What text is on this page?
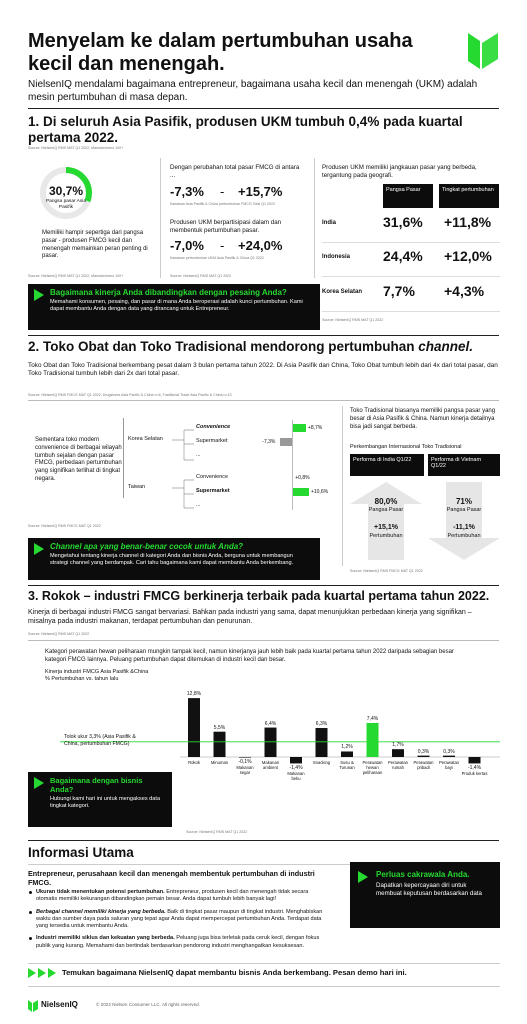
Menyelam ke dalam pertumbuhan usaha kecil dan menengah.
NielsenIQ mendalami bagaimana entrepreneur, bagaimana usaha kecil dan menengah (UKM) adalah mesin pertumbuhan di masa depan.
1. Di seluruh Asia Pasifik, produsen UKM tumbuh 0,4% pada kuartal pertama 2022.
Source: NielsenIQ RMS MAT Q1 2022, Manufacturers 100+
30,7%
Pangsa pasar Asia Pasifik
Memiliki hampir sepertiga dari pangsa pasar - produsen FMCG kecil dan menengah memainkan peran penting di pasar.
Source: NielsenIQ RMS MAT Q1 2022, Manufacturers 100+
Dengan perubahan total pasar FMCG di antara ...
-7,3% - +15,7%
Kawasan Asia Pasifik & China pertumbuhan FMCG Total Q1 2022
Produsen UKM berpartisipasi dalam dan membentuk pertumbuhan pasar.
-7,0% - +24,0%
Kawasan pertumbuhan UKM Asia Pasifik & China Q1 2022
Source: NielsenIQ RMS MAT Q1 2022
Produsen UKM memiliki jangkauan pasar yang berbeda, tergantung pada geografi.
Pangsa Pasar	Tingkat pertumbuhan
India	31,6% +11,8%
Indonesia	24,4% +12,0%
Korea Selatan	7,7% +4,3%
Source: NielsenIQ RMS MAT Q1 2022
Bagaimana kinerja Anda dibandingkan dengan pesaing Anda?
Memahami konsumen, pesaing, dan pasar di mana Anda beroperasi adalah kunci pertumbuhan. Kami dapat membantu Anda dengan data yang dirancang untuk Entrepreneur.
2. Toko Obat dan Toko Tradisional mendorong pertumbuhan channel.
Toko Obat dan Toko Tradisional berkembang pesat dalam 3 bulan pertama tahun 2022. Di Asia Pasifik dan China, Toko Obat tumbuh lebih dari 4x dari total pasar, dan Toko Tradisional tumbuh lebih dari 2x dari total pasar.
Source: NielsenIQ RMS FMCG MAT Q1 2022, Drugstores Asia Pacific & China n=6, Traditional Trade Asia Pacific & China n=10
Sementara toko modern convenience di berbagai wilayah tumbuh sejalan dengan pasar FMCG, perbedaan pertumbuhan yang signifikan terlihat di tingkat negara.
Korea Selatan
Taiwan
Convenience	+8,7%
Supermarket	-7,3%
...
Convenience	+0,8%
Supermarket	+10,6%
...
Source: NielsenIQ RMS FMCG MAT Q1 2022
Toko Tradisional biasanya memiliki pangsa pasar yang besar di Asia Pasifik & China. Namun kinerja detailnya bisa jadi sangat berbeda.
Perkembangan Internasional Toko Tradisional
Performa di India Q1/22	Performa di Vietnam Q1/22
80,0%
Pangsa Pasar
+15,1%
Pertumbuhan
71%
Pangsa Pasar
-11,1%
Pertumbuhan
Source: NielsenIQ RMS FMCG MAT Q1 2022
Channel apa yang benar-benar cocok untuk Anda?
Mengetahui tentang kinerja channel di kategori Anda dan bisnis Anda, berguna untuk membangun strategi channel yang berdampak. Cari tahu bagaimana kami dapat membantu Anda berkembang.
3. Rokok – industri FMCG berkinerja terbaik pada kuartal pertama tahun 2022.
Kinerja di berbagai industri FMCG sangat bervariasi. Bahkan pada industri yang sama, dapat menunjukkan perbedaan kinerja yang signifikan – misalnya pada industri makanan, terdapat pertumbuhan dan penurunan.
Source: NielsenIQ RMS MAT Q1 2022
Kategori perawatan hewan peliharaan mungkin tampak kecil, namun kinerjanya jauh lebih baik pada kuartal pertama tahun 2022 daripada sebagian besar kategori FMCG lainnya. Peluang pertumbuhan dapat ditemukan di industri kecil dan besar.
Kinerja industri FMCG Asia Pasifik &China
% Pertumbuhan vs. tahun lalu
12,8%
Rokok
5,5%
Minuman	-0,1%
Makanan segar
6,4%
Makanan ambient	-1,4%
Makanan beku
6,3%
Snacking
1,2%
Susu & Turunan
7,4%
Perawatan hewan peliharaan
1,7%
Perawatan rumah
0,3%
Perawatan pribadi
0,3%
Perawatan bayi	-1,4%
Produk kertas
Tolok ukur 3,3% (Asia Pasifik & China, pertumbuhan FMCG)
Bagaimana dengan bisnis Anda?
Hubungi kami hari ini untuk mengakses data tingkat kategori.
Source: NielsenIQ RMS MAT Q1 2022
Informasi Utama
Entrepreneur, perusahaan kecil dan menengah membentuk pertumbuhan di industri FMCG.
Ukuran tidak menentukan potensi pertumbuhan. Entrepreneur, produsen kecil dan menengah tidak secara otomatis memiliki kekurangan dibandingkan pemain besar. Anda dapat tumbuh lebih banyak lagi!
Berbagai channel memiliki kinerja yang berbeda. Baik di tingkat pasar maupun di tingkat industri. Menghabiskan waktu dan sumber daya pada saluran yang tepat agar Anda dapat mempercepat pertumbuhan Anda. Terdapat data yang tersedia untuk membantu Anda.
Industri memiliki siklus dan kekuatan yang berbeda. Peluang juga bisa terletak pada ceruk kecil, dengan fokus publik yang kurang. Memahami dan bertindak berdasarkan pendorong industri menghangatkan kesuksesan.
Perluas cakrawala Anda.
Dapatkan kepercayaan diri untuk membuat keputusan berdasarkan data
Temukan bagaimana NielsenIQ dapat membantu bisnis Anda berkembang. Pesan demo hari ini.
NielsenIQ	© 2022 Nielsen Consumer LLC. All rights reserved.
